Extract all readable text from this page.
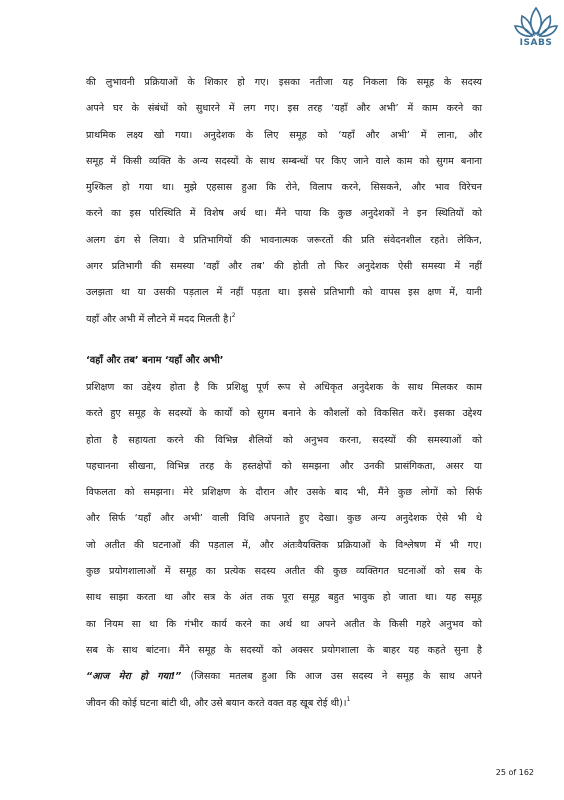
ISABS

की लुभावनी प्रक्रियाओं के शिकार हो गए। इसका नतीजा यह निकला कि समूह के सदस्य

अपने घर के संबंधों को सुधारने में लग गए। इस तरह ‘यहाँ और अभी’ में काम करने का

प्राथमिक लक्ष्य खो गया। अनुदेशक के लिए समूह को ‘यहाँ और अभी’ में लाना, और

समूह में किसी व्यक्ति के अन्य सदस्यों के साथ सम्बन्धों पर किए जाने वाले काम को सुगम बनाना

मुश्किल हो गया था। मुझे एहसास हुआ कि रोने, विलाप करने, सिसकने, और भाव विरेचन

करने का इस परिस्थिति में विशेष अर्थ था। मैंने पाया कि कुछ अनुदेशकों ने इन स्थितियों को

अलग ढंग से लिया। वे प्रतिभागियों की भावनात्मक जरूरतों की प्रति संवेदनशील रहते। लेकिन,

अगर प्रतिभागी की समस्या ‘वहाँ और तब’ की होती तो फिर अनुदेशक ऐसी समस्या में नहीं

उलझता था या उसकी पड़ताल में नहीं पड़ता था। इससे प्रतिभागी को वापस इस क्षण में, यानी

यहाँ और अभी में लौटने में मदद मिलती है।$^2$

‘वहाँ और तब’ बनाम ‘यहाँ और अभी’

प्रशिक्षण का उद्देश्य होता है कि प्रशिक्षु पूर्ण रूप से अधिकृत अनुदेशक के साथ मिलकर काम

करते हुए समूह के सदस्यों के कार्यों को सुगम बनाने के कौशलों को विकसित करें। इसका उद्देश्य

होता है सहायता करने की विभिन्न शैलियों को अनुभव करना, सदस्यों की समस्याओं को

पहचानना सीखना, विभिन्न तरह के हस्तक्षेपों को समझना और उनकी प्रासंगिकता, असर या

विफलता को समझना। मेरे प्रशिक्षण के दौरान और उसके बाद भी, मैंने कुछ लोगों को सिर्फ

और सिर्फ ‘यहाँ और अभी’ वाली विधि अपनाते हुए देखा। कुछ अन्य अनुदेशक ऐसे भी थे

जो अतीत की घटनाओं की पड़ताल में, और अंतःवैयक्तिक प्रक्रियाओं के विश्लेषण में भी गए।

कुछ प्रयोगशालाओं में समूह का प्रत्येक सदस्य अतीत की कुछ व्यक्तिगत घटनाओं को सब के

साथ साझा करता था और सत्र के अंत तक पूरा समूह बहुत भावुक हो जाता था। यह समूह

का नियम सा था कि गंभीर कार्य करने का अर्थ था अपने अतीत के किसी गहरे अनुभव को

सब के साथ बांटना। मैंने समूह के सदस्यों को अक्सर प्रयोगशाला के बाहर यह कहते सुना है

“आज मेरा हो गया!” (जिसका मतलब हुआ कि आज उस सदस्य ने समूह के साथ अपने

जीवन की कोई घटना बांटी थी, और उसे बयान करते वक्त वह खूब रोई थी)।$^1$

25 of 162
